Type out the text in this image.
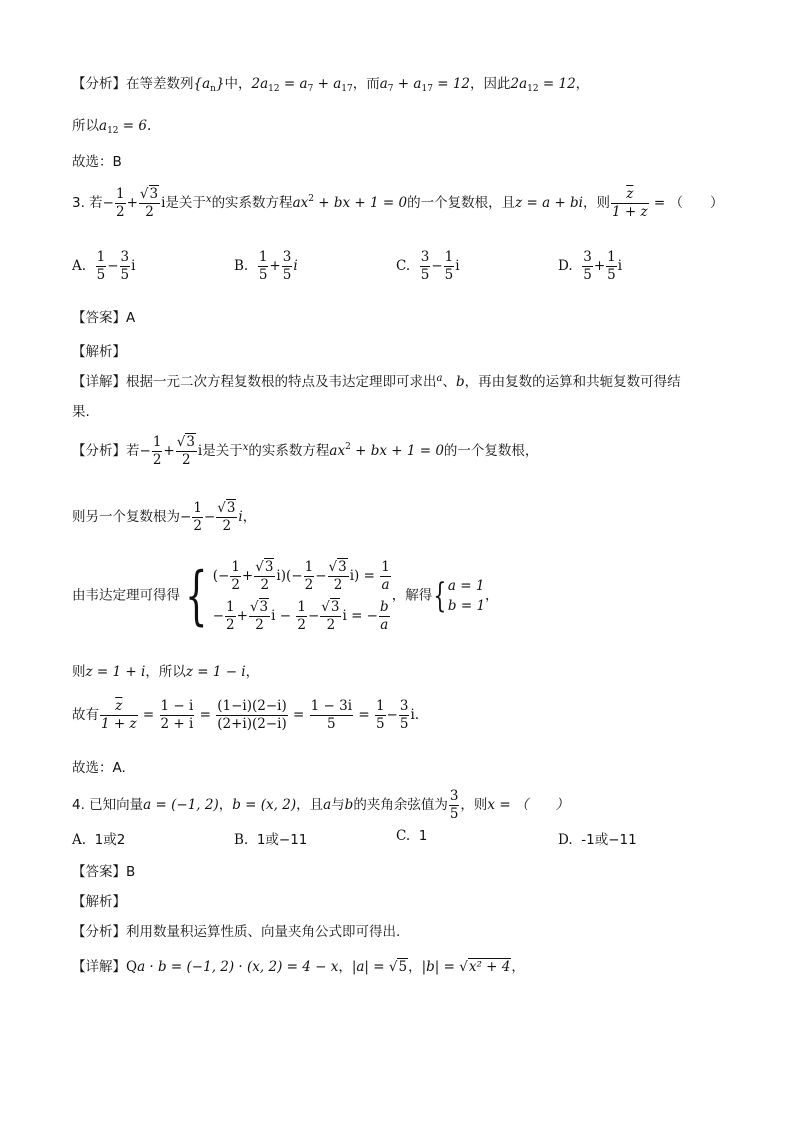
【分析】在等差数列$\{a_n\}$中，$2a_{12} = a_7 + a_{17}$，而$a_7 + a_{17} = 12$，因此$2a_{12} = 12$，
所以$a_{12} = 6$.
故选：B
3. 若− $\frac{1}{2} + \frac{√3}{2}$ i是关于$^x$的实系数方程$ax^2$ + bx + 1 = 0的一个复数根，且z = a + bi，则 $\frac{\overline{z}}{1 + z}$ = （　　）
A. $\frac{1}{5} - \frac{3}{5}$ i	B. $\frac{1}{5} + \frac{3}{5}$ i	C. $\frac{3}{5} - \frac{1}{5}$ i	D. $\frac{3}{5} + \frac{1}{5}$ i
【答案】A
【解析】
【详解】根据一元二次方程复数根的特点及韦达定理即可求出$^a$、b，再由复数的运算和共轭复数可得结
果.
【分析】若− $\frac{1}{2} + \frac{√3}{2}$ i是关于$^x$的实系数方程$ax^2$ + bx + 1 = 0的一个复数根，
则另一个复数根为− $\frac{1}{2} - \frac{√3}{2}$ i，
由韦达定理可得得{ (− $\frac{1}{2} + \frac{√3}{2} i)(- \frac{1}{2} - \frac{√3}{2} i) = \frac{1}{a}$
− $\frac{1}{2} + \frac{√3}{2}$ $i - \frac{1}{2} - \frac{√3}{2}$ i = − $\frac{b}{a}$
，解得{ a = 1
b = 1
，
则z = 1 + i，所以z = 1 − i，
故有 $\frac{\overline{z}}{1 + z} = \frac{1 - i}{2 + i} = \frac{(1-i)(2-i)}{(2+i)(2-i)} = \frac{1 - 3i}{5} = \frac{1}{5} - \frac{3}{5} i$.
故选：A.
4. 已知向量a = (−1, 2)，b = (x, 2)，且a与b的夹角余弦值为 $\frac{3}{5}$ ，则x = （　　）
A. 1或2	B. 1或−11	C. 1	D. -1或−11
【答案】B
【解析】
【分析】利用数量积运算性质、向量夹角公式即可得出.
【详解】Qa · b = (−1, 2) · (x, 2) = 4 − x，|a| = √5，|b| = √x² + 4，
